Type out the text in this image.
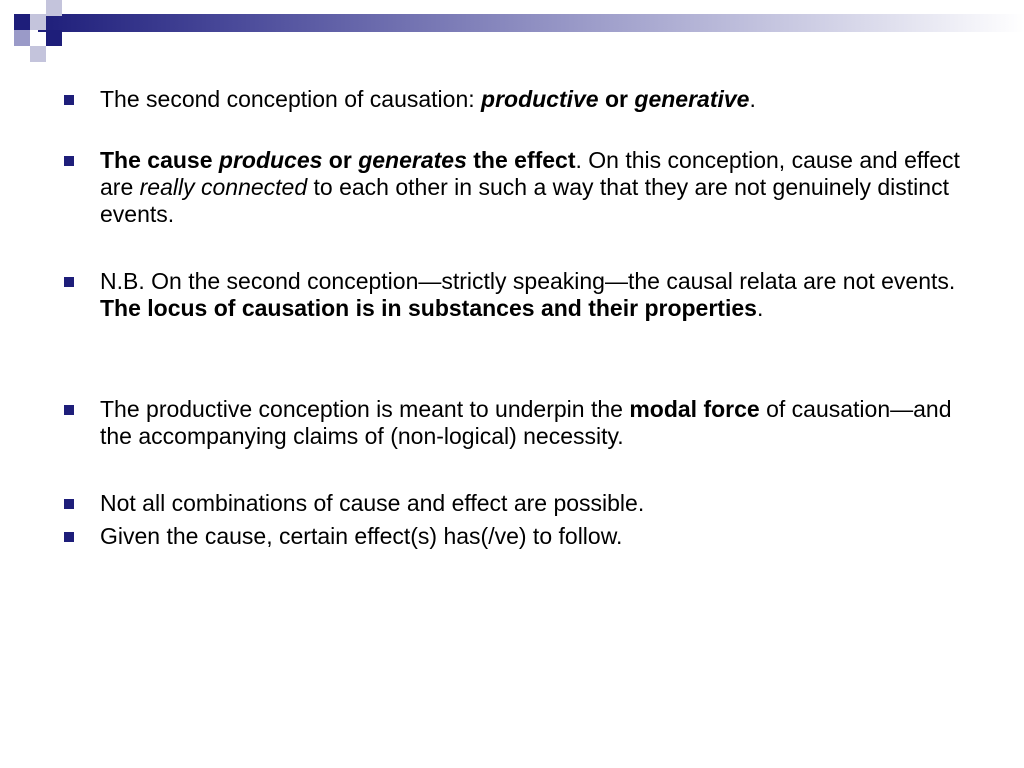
The second conception of causation: productive or generative.
The cause produces or generates the effect. On this conception, cause and effect are really connected to each other in such a way that they are not genuinely distinct events.
N.B. On the second conception—strictly speaking—the causal relata are not events. The locus of causation is in substances and their properties.
The productive conception is meant to underpin the modal force of causation—and the accompanying claims of (non-logical) necessity.
Not all combinations of cause and effect are possible.
Given the cause, certain effect(s) has(/ve) to follow.
